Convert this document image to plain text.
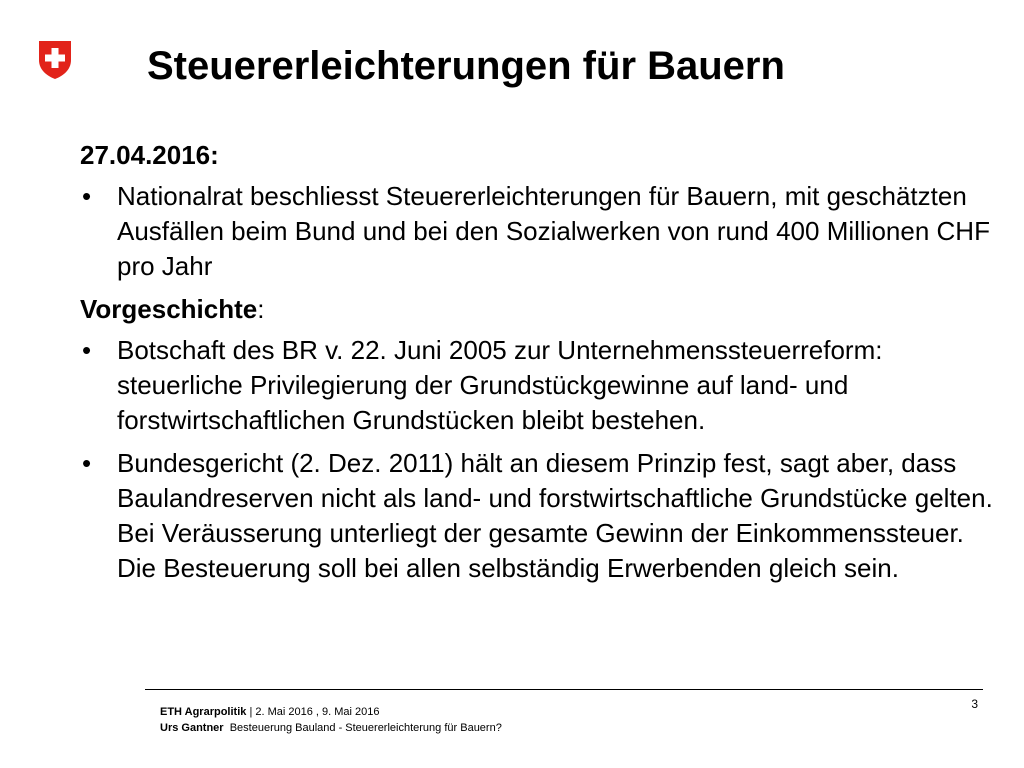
Steuererleichterungen für Bauern
27.04.2016:
• Nationalrat beschliesst Steuererleichterungen für Bauern, mit geschätzten Ausfällen beim Bund und bei den Sozialwerken von rund 400 Millionen CHF pro Jahr
Vorgeschichte:
• Botschaft des BR v. 22. Juni 2005 zur Unternehmenssteuerreform: steuerliche Privilegierung der Grundstückgewinne auf land- und forstwirtschaftlichen Grundstücken bleibt bestehen.
• Bundesgericht (2. Dez. 2011) hält an diesem Prinzip fest, sagt aber, dass Baulandreserven nicht als land- und forstwirtschaftliche Grundstücke gelten. Bei Veräusserung unterliegt der gesamte Gewinn der Einkommenssteuer. Die Besteuerung soll bei allen selbständig Erwerbenden gleich sein.
3
ETH Agrarpolitik | 2. Mai 2016 , 9. Mai 2016
Urs Gantner Besteuerung Bauland - Steuererleichterung für Bauern?
